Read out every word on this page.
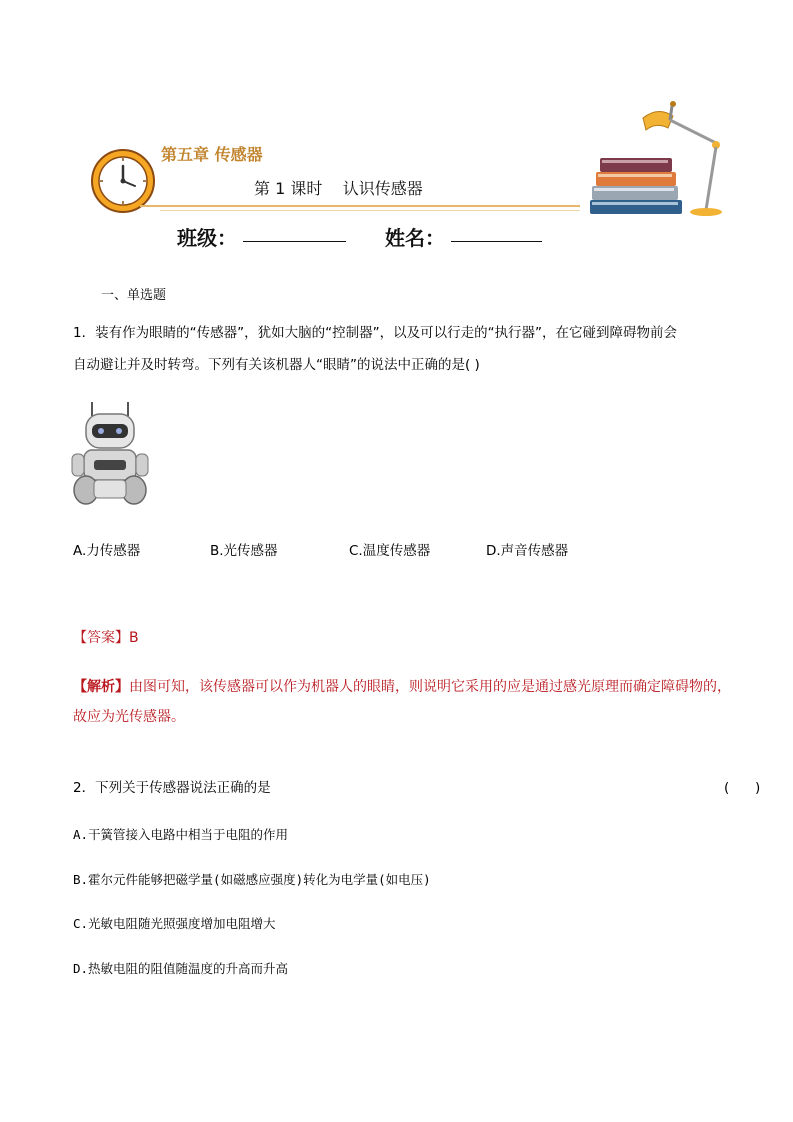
第五章 传感器
第 1 课时    认识传感器
班级：	姓名：
一、单选题
1．装有作为眼睛的“传感器”，犹如大脑的“控制器”，以及可以行走的“执行器”，在它碰到障碍物前会
自动避让并及时转弯。下列有关该机器人“眼睛”的说法中正确的是( )
A.力传感器	B.光传感器	C.温度传感器	D.声音传感器
【答案】B
【解析】由图可知，该传感器可以作为机器人的眼睛，则说明它采用的应是通过感光原理而确定障碍物的，
故应为光传感器。
2．下列关于传感器说法正确的是	(      )
A.干簧管接入电路中相当于电阻的作用
B.霍尔元件能够把磁学量(如磁感应强度)转化为电学量(如电压)
C.光敏电阻随光照强度增加电阻增大
D.热敏电阻的阻值随温度的升高而升高
